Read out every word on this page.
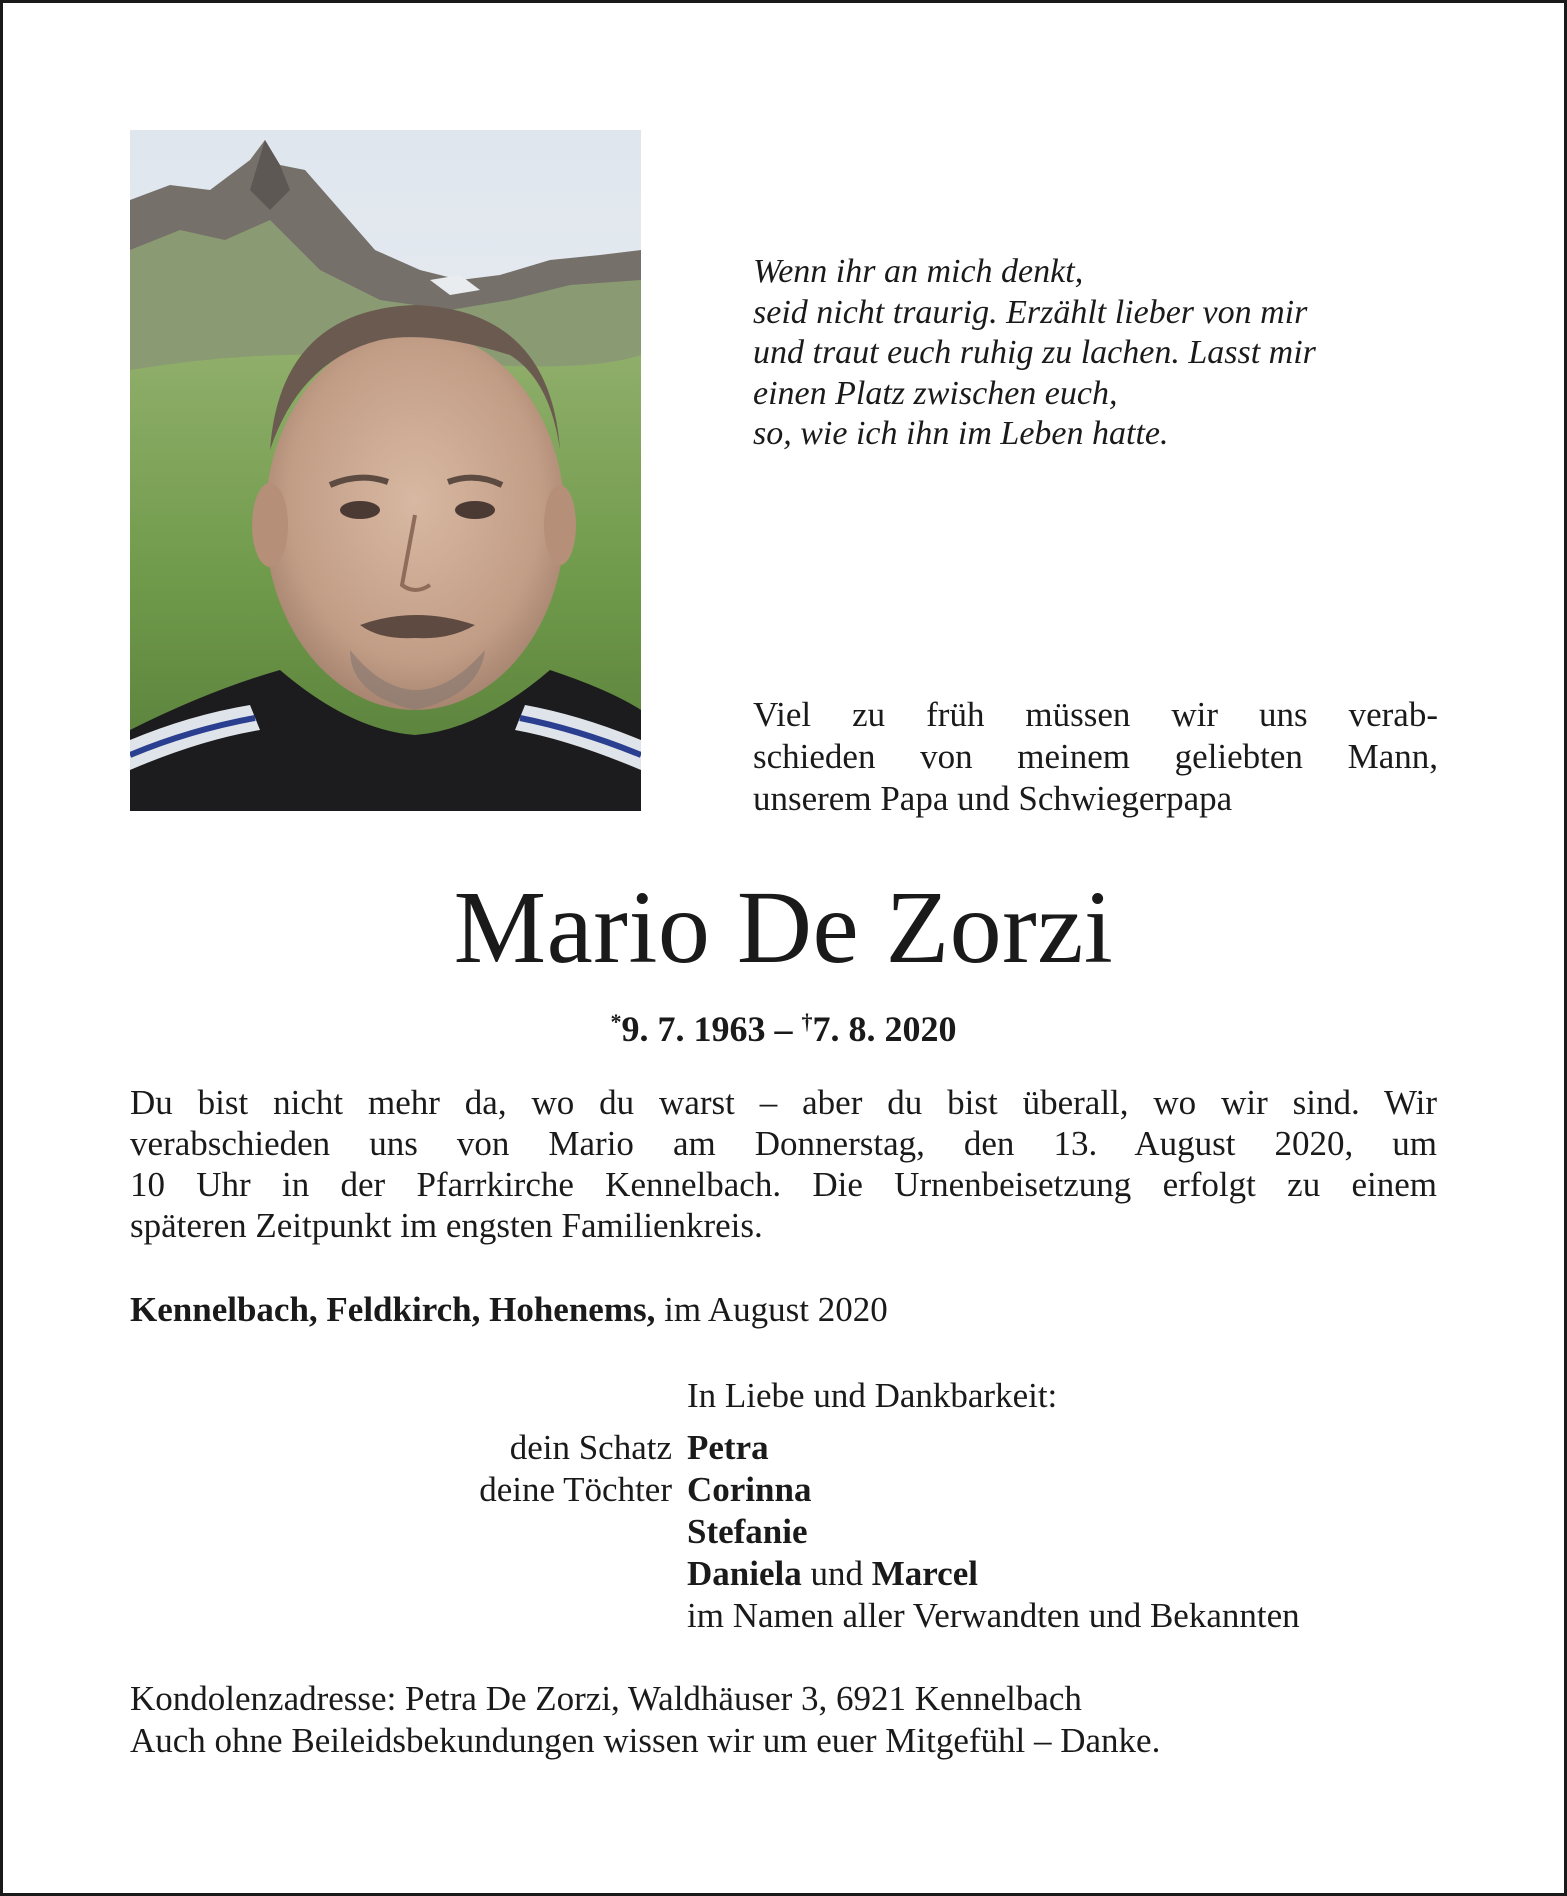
Wenn ihr an mich denkt,
seid nicht traurig. Erzählt lieber von mir
und traut euch ruhig zu lachen. Lasst mir
einen Platz zwischen euch,
so, wie ich ihn im Leben hatte.
Viel zu früh müssen wir uns verab-
schieden von meinem geliebten Mann,
unserem Papa und Schwiegerpapa
Mario De Zorzi
*9. 7. 1963 – †7. 8. 2020
Du bist nicht mehr da, wo du warst – aber du bist überall, wo wir sind. Wir
verabschieden uns von Mario am Donnerstag, den 13. August 2020, um
10 Uhr in der Pfarrkirche Kennelbach. Die Urnenbeisetzung erfolgt zu einem
späteren Zeitpunkt im engsten Familienkreis.
Kennelbach, Feldkirch, Hohenems, im August 2020
In Liebe und Dankbarkeit:
dein Schatz
deine Töchter
Petra
Corinna
Stefanie
Daniela und Marcel
im Namen aller Verwandten und Bekannten
Kondolenzadresse: Petra De Zorzi, Waldhäuser 3, 6921 Kennelbach
Auch ohne Beileidsbekundungen wissen wir um euer Mitgefühl – Danke.
